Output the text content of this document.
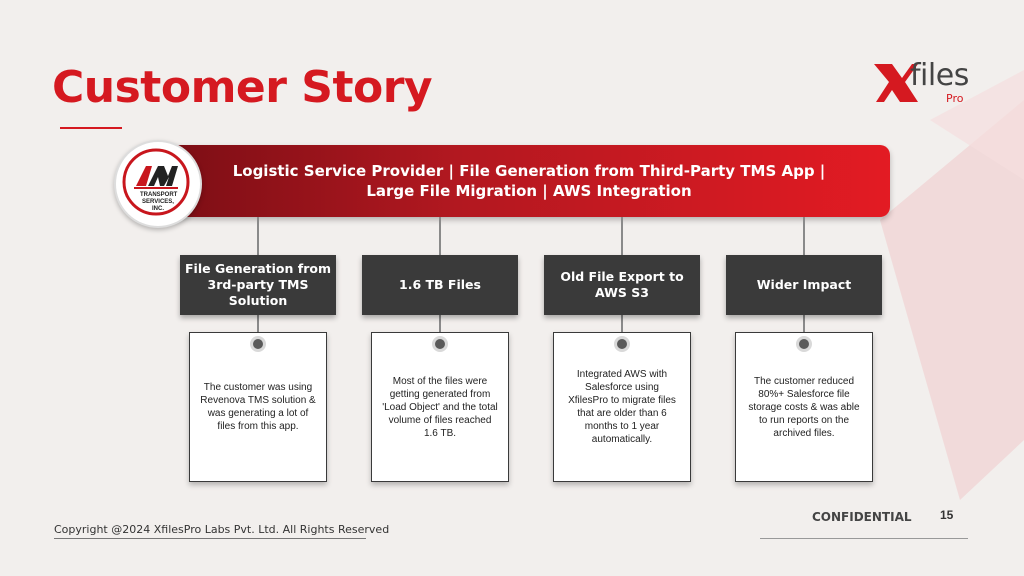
Customer Story	files
Pro
Logistic Service Provider | File Generation from Third-Party TMS App | Large File Migration | AWS Integration
TRANSPORT SERVICES, INC.
File Generation from 3rd-party TMS Solution
1.6 TB Files
Old File Export to AWS S3
Wider Impact
The customer was using Revenova TMS solution & was generating a lot of files from this app.
Most of the files were getting generated from 'Load Object' and the total volume of files reached 1.6 TB.
Integrated AWS with Salesforce using XfilesPro to migrate files that are older than 6 months to 1 year automatically.
The customer reduced 80%+ Salesforce file storage costs & was able to run reports on the archived files.
Copyright @2024 XfilesPro Labs Pvt. Ltd. All Rights Reserved
CONFIDENTIAL 15
